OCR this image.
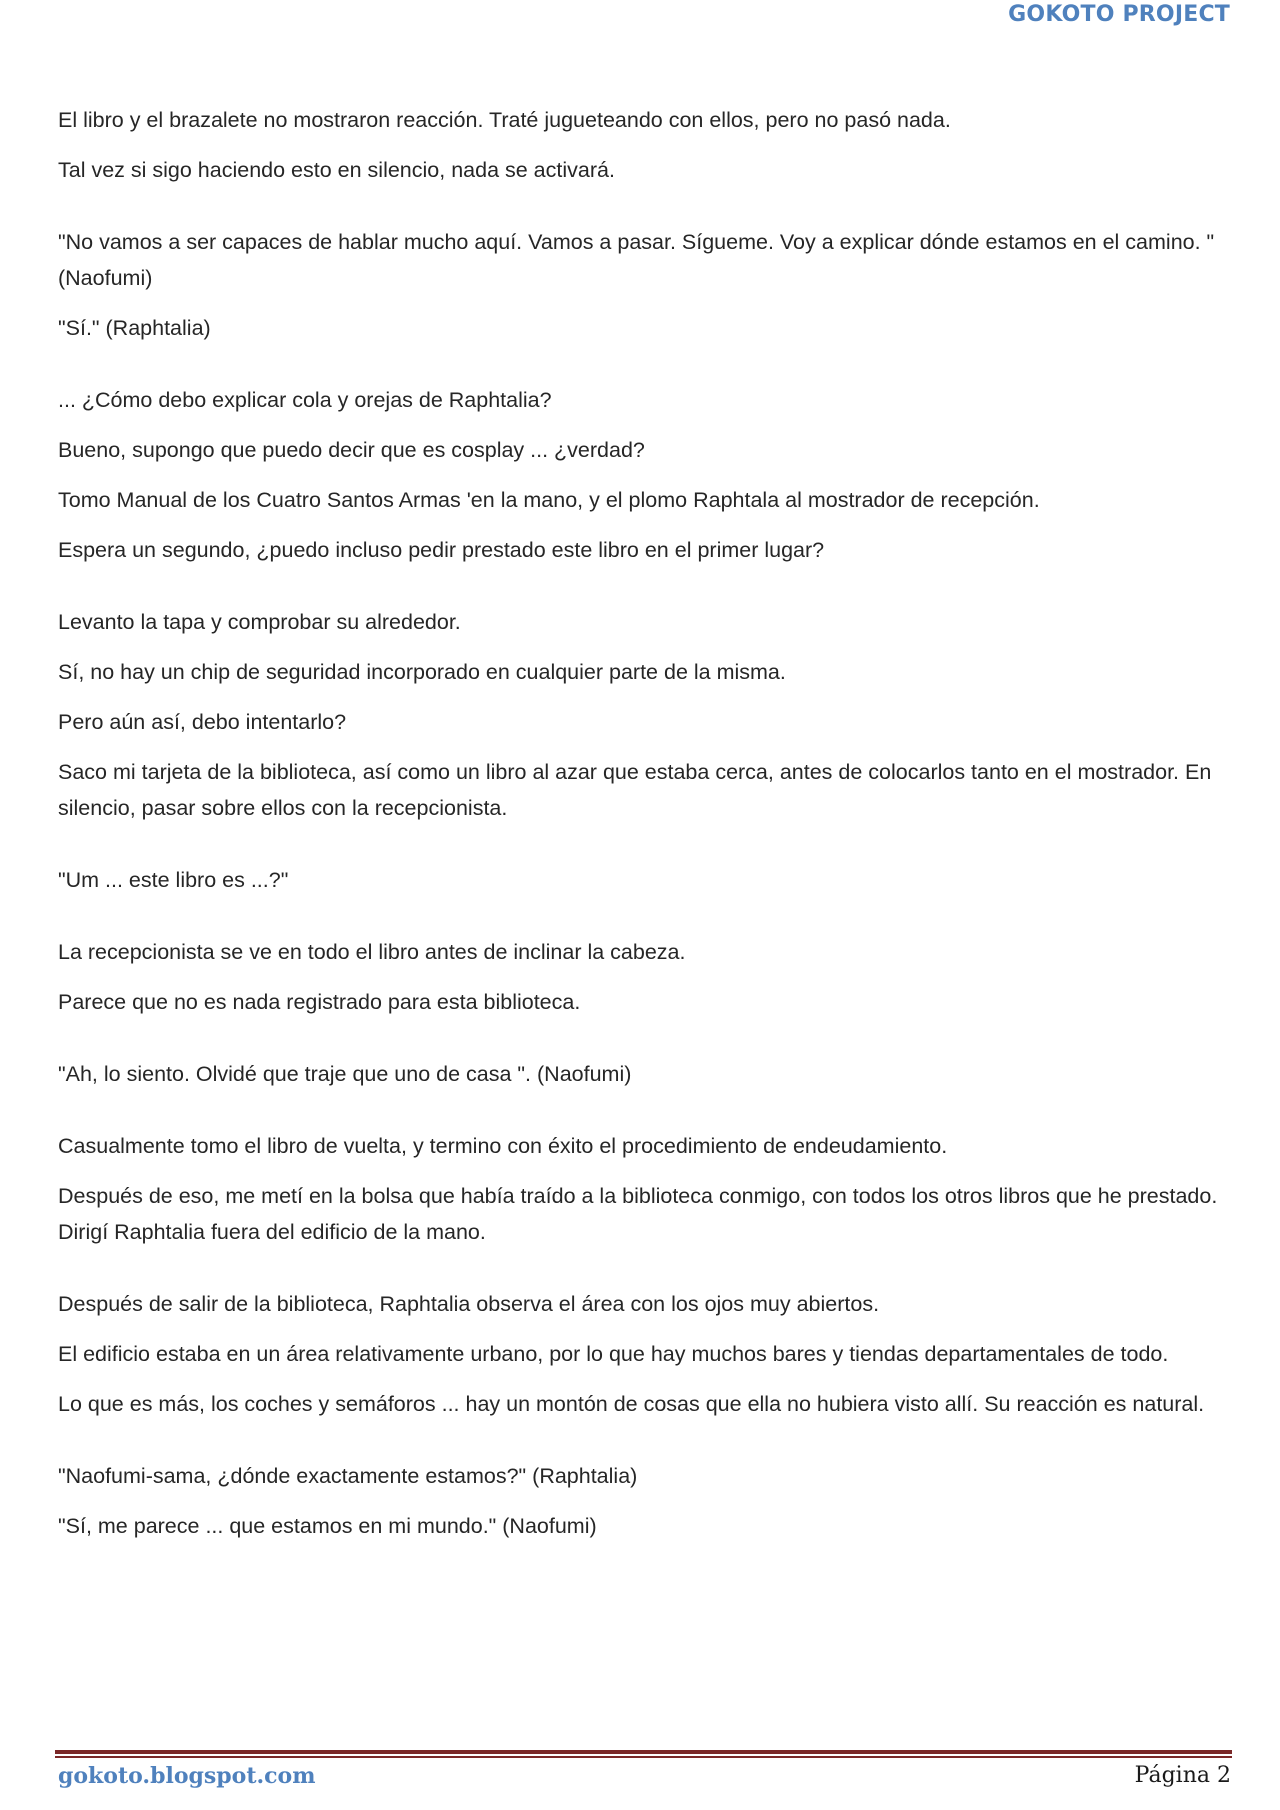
GOKOTO PROJECT

El libro y el brazalete no mostraron reacción. Traté jugueteando con ellos, pero no pasó nada.

Tal vez si sigo haciendo esto en silencio, nada se activará.

"No vamos a ser capaces de hablar mucho aquí. Vamos a pasar. Sígueme. Voy a explicar dónde estamos en el camino. "(Naofumi)

"Sí." (Raphtalia)

... ¿Cómo debo explicar cola y orejas de Raphtalia?

Bueno, supongo que puedo decir que es cosplay ... ¿verdad?

Tomo Manual de los Cuatro Santos Armas 'en la mano, y el plomo Raphtala al mostrador de recepción.

Espera un segundo, ¿puedo incluso pedir prestado este libro en el primer lugar?

Levanto la tapa y comprobar su alrededor.

Sí, no hay un chip de seguridad incorporado en cualquier parte de la misma.

Pero aún así, debo intentarlo?

Saco mi tarjeta de la biblioteca, así como un libro al azar que estaba cerca, antes de colocarlos tanto en el mostrador. En silencio, pasar sobre ellos con la recepcionista.

"Um ... este libro es ...?"

La recepcionista se ve en todo el libro antes de inclinar la cabeza.

Parece que no es nada registrado para esta biblioteca.

"Ah, lo siento. Olvidé que traje que uno de casa ". (Naofumi)

Casualmente tomo el libro de vuelta, y termino con éxito el procedimiento de endeudamiento.

Después de eso, me metí en la bolsa que había traído a la biblioteca conmigo, con todos los otros libros que he prestado. Dirigí Raphtalia fuera del edificio de la mano.

Después de salir de la biblioteca, Raphtalia observa el área con los ojos muy abiertos.

El edificio estaba en un área relativamente urbano, por lo que hay muchos bares y tiendas departamentales de todo.

Lo que es más, los coches y semáforos ... hay un montón de cosas que ella no hubiera visto allí. Su reacción es natural.

"Naofumi-sama, ¿dónde exactamente estamos?" (Raphtalia)

"Sí, me parece ... que estamos en mi mundo." (Naofumi)

gokoto.blogspot.com	Página 2
